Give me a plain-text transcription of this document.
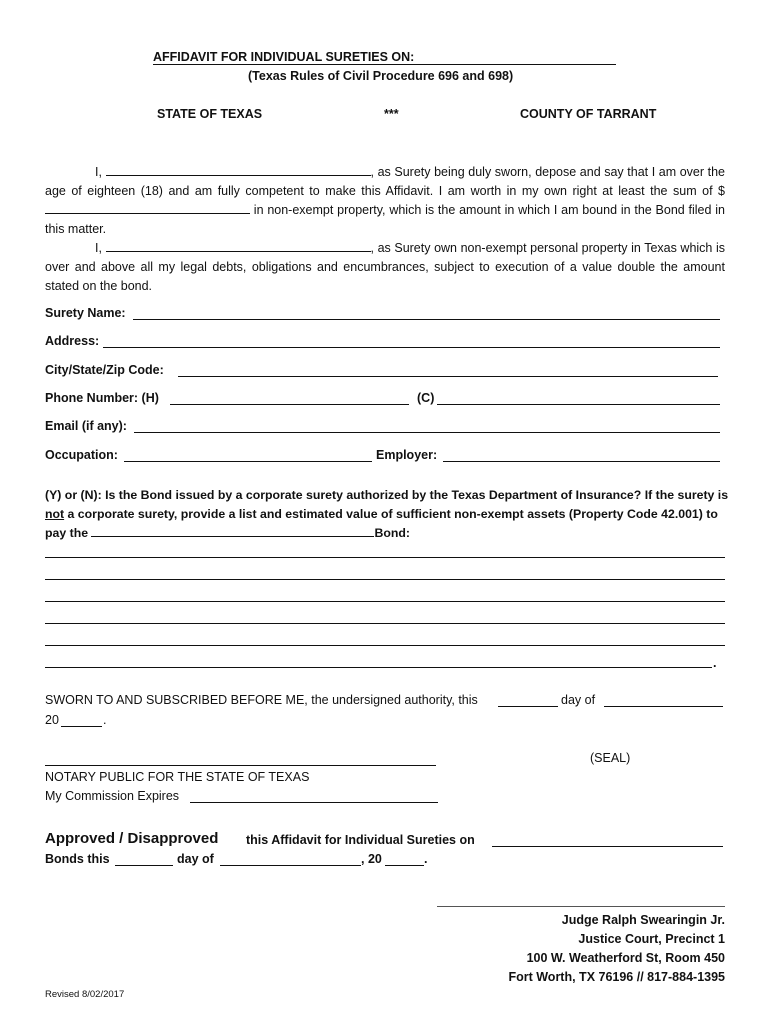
AFFIDAVIT FOR INDIVIDUAL SURETIES ON:
(Texas Rules of Civil Procedure 696 and 698)
STATE OF TEXAS	***	COUNTY OF TARRANT
I,	, as Surety being duly sworn, depose and say that I am over the age of eighteen (18) and am fully competent to make this Affidavit. I am worth in my own right at least the sum of $ in non-exempt property, which is the amount in which I am bound in the Bond filed in this matter.
I,	, as Surety own non-exempt personal property in Texas which is over and above all my legal debts, obligations and encumbrances, subject to execution of a value double the amount stated on the bond.
Surety Name:
Address:
City/State/Zip Code:
Phone Number: (H)	(C)
Email (if any):
Occupation:	Employer:
(Y) or (N): Is the Bond issued by a corporate surety authorized by the Texas Department of Insurance? If the surety is not a corporate surety, provide a list and estimated value of sufficient non-exempt assets (Property Code 42.001) to pay the	Bond:
.
SWORN TO AND SUBSCRIBED BEFORE ME, the undersigned authority, this	day of
20	.
(SEAL)
NOTARY PUBLIC FOR THE STATE OF TEXAS
My Commission Expires
Approved / Disapproved this Affidavit for Individual Sureties on
Bonds this	day of	, 20	.
Judge Ralph Swearingin Jr.
Justice Court, Precinct 1
100 W. Weatherford St, Room 450
Fort Worth, TX 76196 // 817-884-1395
Revised 8/02/2017
